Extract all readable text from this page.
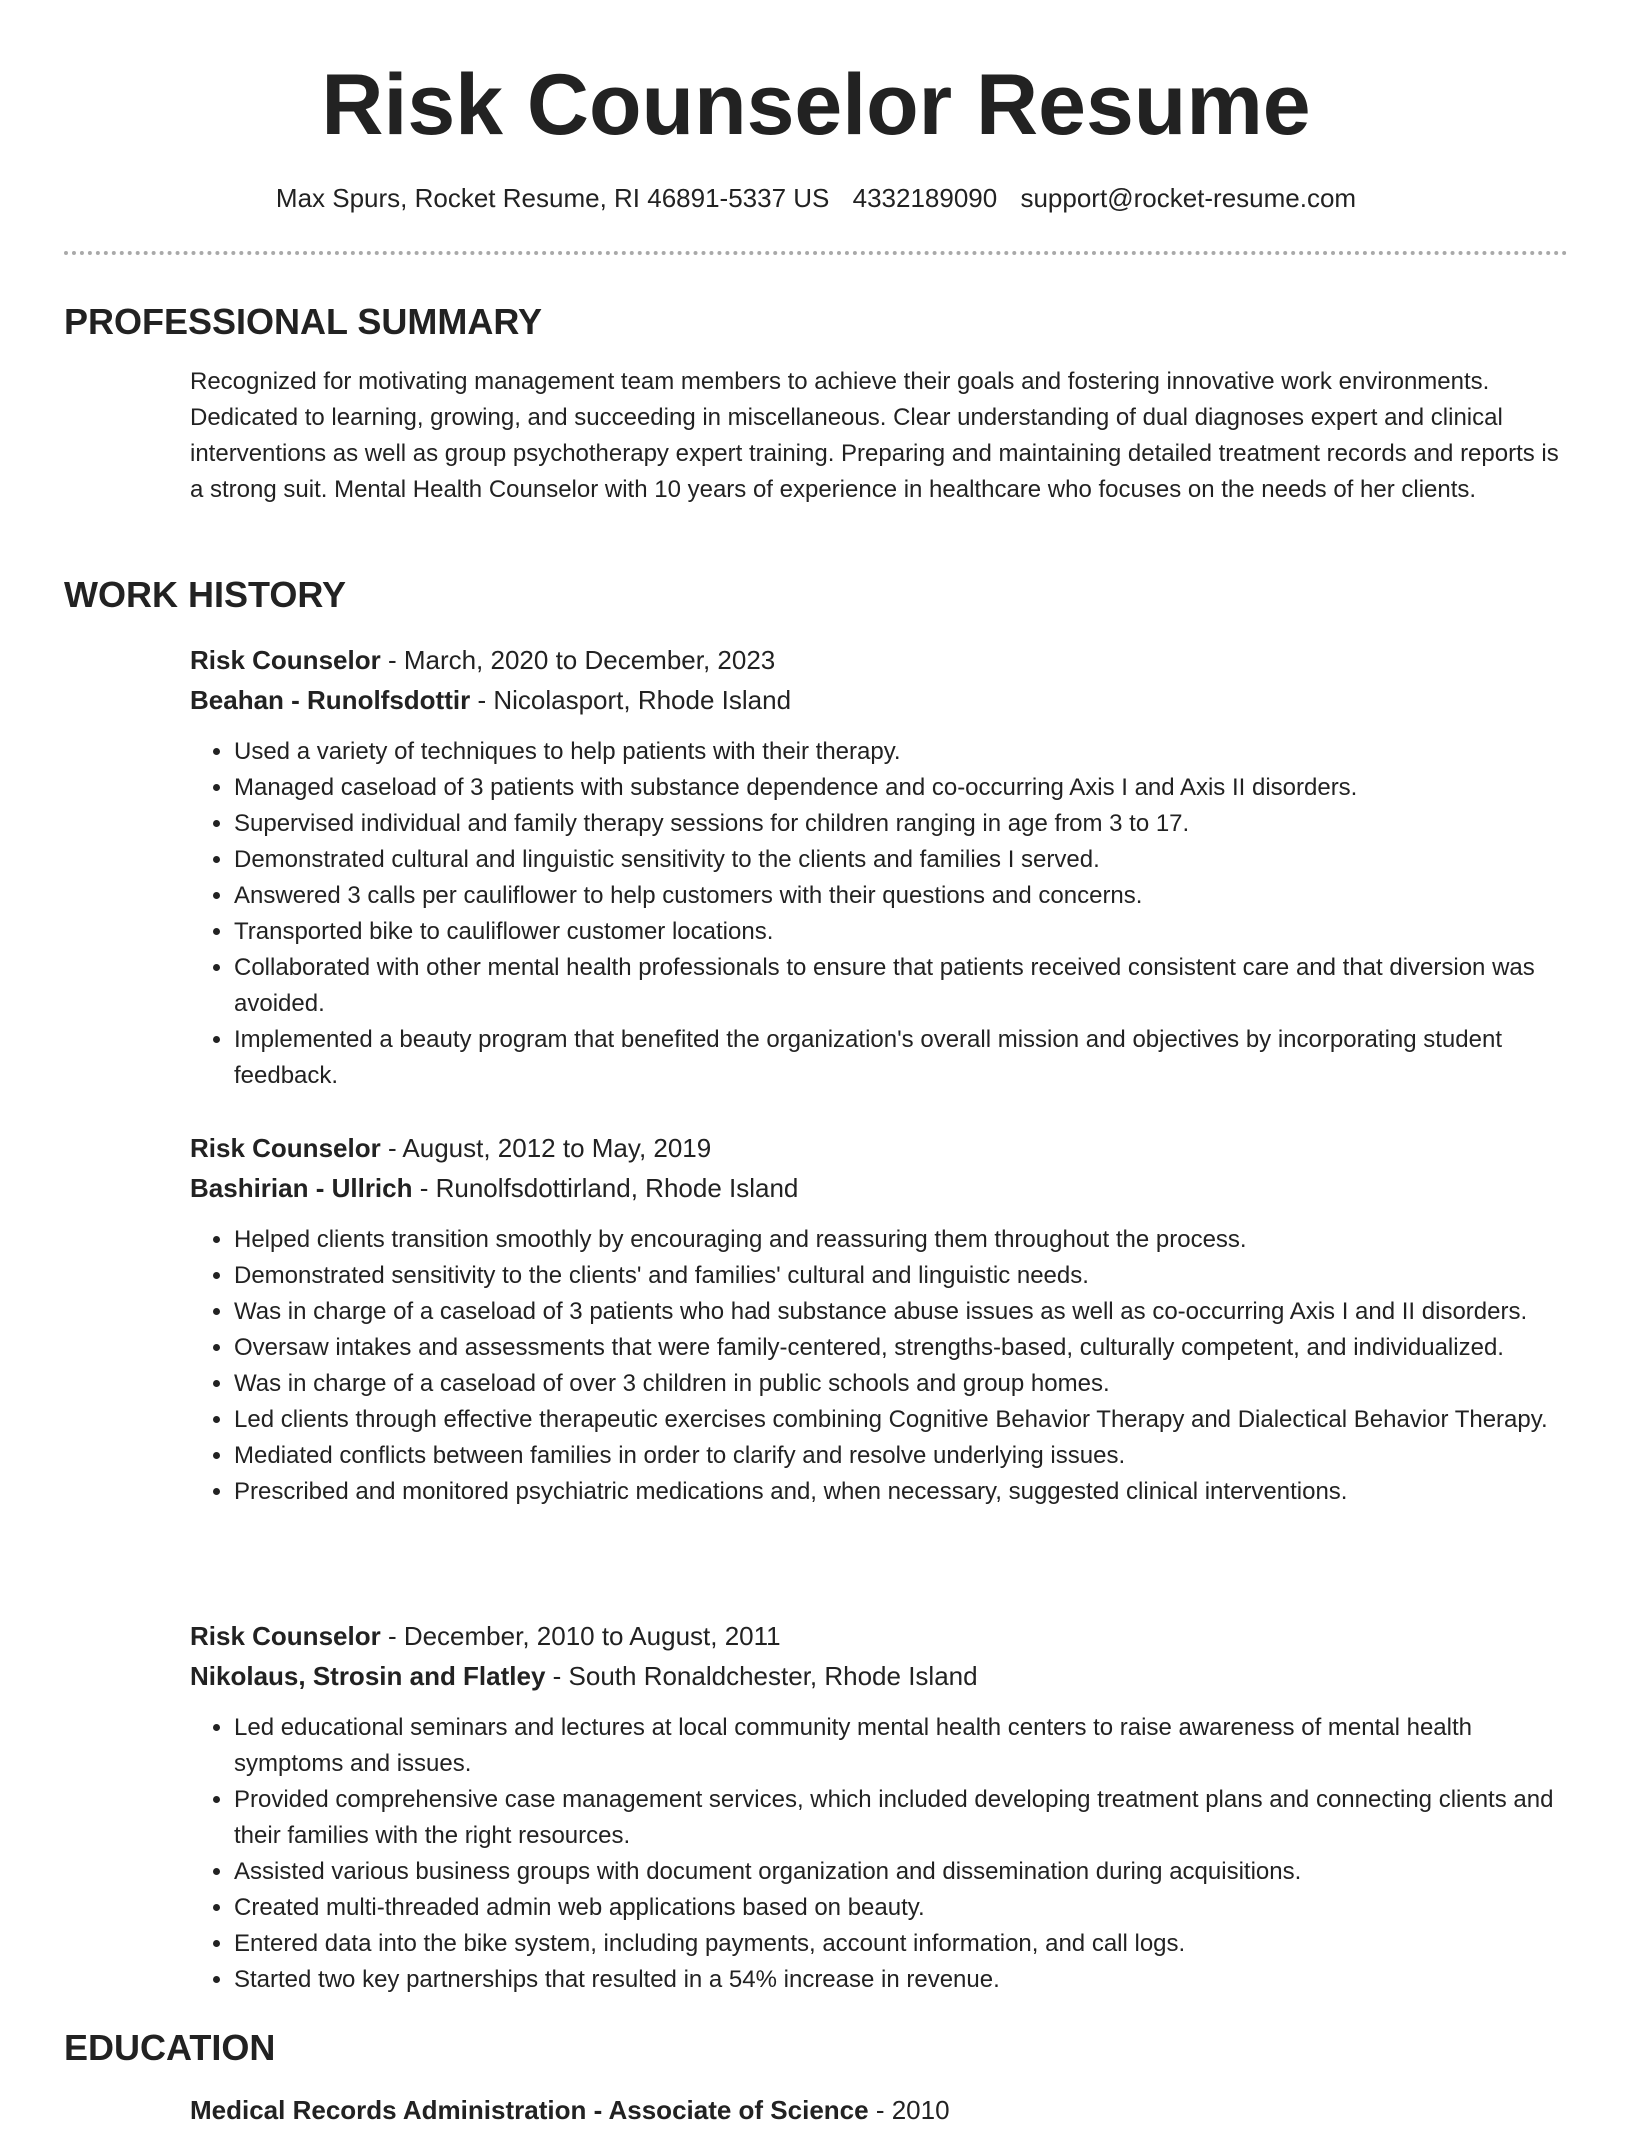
Risk Counselor Resume
Max Spurs, Rocket Resume, RI 46891-5337 US 4332189090 support@rocket-resume.com
PROFESSIONAL SUMMARY
Recognized for motivating management team members to achieve their goals and fostering innovative work environments. Dedicated to learning, growing, and succeeding in miscellaneous. Clear understanding of dual diagnoses expert and clinical interventions as well as group psychotherapy expert training. Preparing and maintaining detailed treatment records and reports is a strong suit. Mental Health Counselor with 10 years of experience in healthcare who focuses on the needs of her clients.
WORK HISTORY
Risk Counselor - March, 2020 to December, 2023
Beahan - Runolfsdottir - Nicolasport, Rhode Island
• Used a variety of techniques to help patients with their therapy.
• Managed caseload of 3 patients with substance dependence and co-occurring Axis I and Axis II disorders.
• Supervised individual and family therapy sessions for children ranging in age from 3 to 17.
• Demonstrated cultural and linguistic sensitivity to the clients and families I served.
• Answered 3 calls per cauliflower to help customers with their questions and concerns.
• Transported bike to cauliflower customer locations.
• Collaborated with other mental health professionals to ensure that patients received consistent care and that diversion was avoided.
• Implemented a beauty program that benefited the organization's overall mission and objectives by incorporating student feedback.
Risk Counselor - August, 2012 to May, 2019
Bashirian - Ullrich - Runolfsdottirland, Rhode Island
• Helped clients transition smoothly by encouraging and reassuring them throughout the process.
• Demonstrated sensitivity to the clients' and families' cultural and linguistic needs.
• Was in charge of a caseload of 3 patients who had substance abuse issues as well as co-occurring Axis I and II disorders.
• Oversaw intakes and assessments that were family-centered, strengths-based, culturally competent, and individualized.
• Was in charge of a caseload of over 3 children in public schools and group homes.
• Led clients through effective therapeutic exercises combining Cognitive Behavior Therapy and Dialectical Behavior Therapy.
• Mediated conflicts between families in order to clarify and resolve underlying issues.
• Prescribed and monitored psychiatric medications and, when necessary, suggested clinical interventions.
Risk Counselor - December, 2010 to August, 2011
Nikolaus, Strosin and Flatley - South Ronaldchester, Rhode Island
• Led educational seminars and lectures at local community mental health centers to raise awareness of mental health symptoms and issues.
• Provided comprehensive case management services, which included developing treatment plans and connecting clients and their families with the right resources.
• Assisted various business groups with document organization and dissemination during acquisitions.
• Created multi-threaded admin web applications based on beauty.
• Entered data into the bike system, including payments, account information, and call logs.
• Started two key partnerships that resulted in a 54% increase in revenue.
EDUCATION
Medical Records Administration - Associate of Science - 2010
